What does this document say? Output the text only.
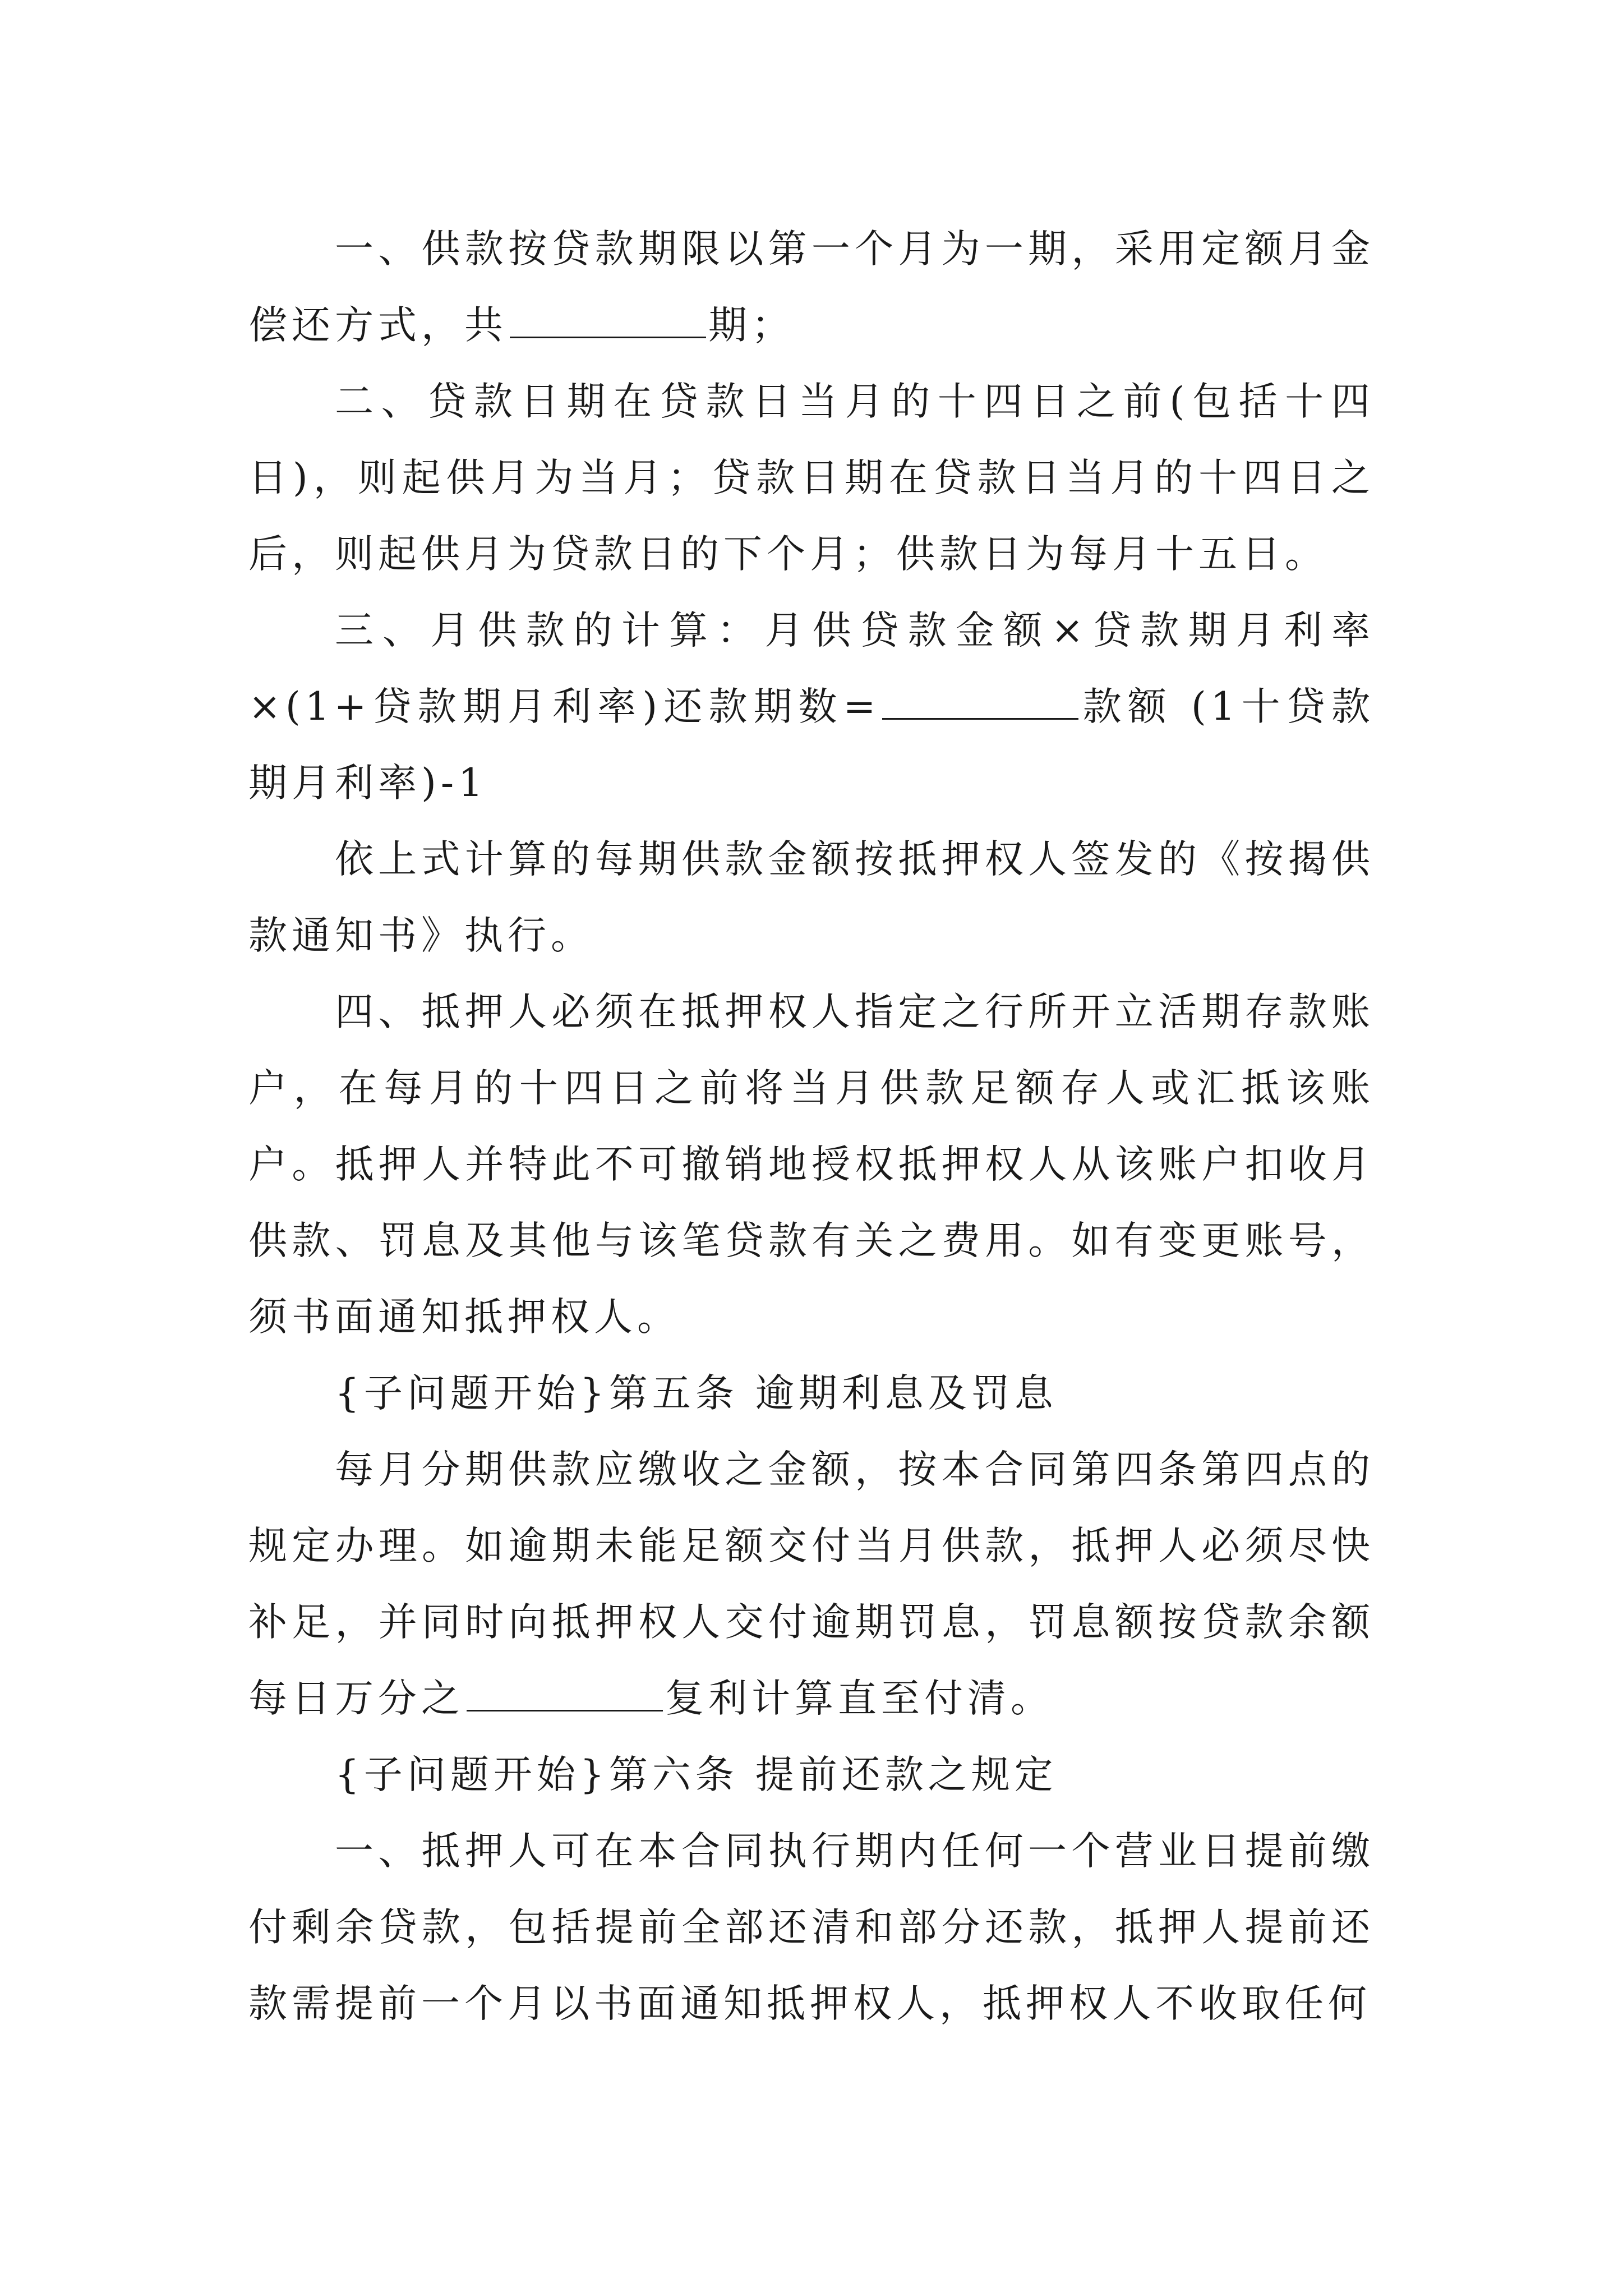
一、供款按贷款期限以第一个月为一期，采用定额月金偿还方式，共	期；

二、贷款日期在贷款日当月的十四日之前(包括十四日)，则起供月为当月；贷款日期在贷款日当月的十四日之后，则起供月为贷款日的下个月；供款日为每月十五日。

三、月供款的计算：月供贷款金额×贷款期月利率×(1+贷款期月利率)还款期数=	款额 (1十贷款期月利率)-1

依上式计算的每期供款金额按抵押权人签发的《按揭供款通知书》执行。

四、抵押人必须在抵押权人指定之行所开立活期存款账户，在每月的十四日之前将当月供款足额存人或汇抵该账户。抵押人并特此不可撤销地授权抵押权人从该账户扣收月供款、罚息及其他与该笔贷款有关之费用。如有变更账号，须书面通知抵押权人。

{子问题开始}第五条 逾期利息及罚息

每月分期供款应缴收之金额，按本合同第四条第四点的规定办理。如逾期未能足额交付当月供款，抵押人必须尽快补足，并同时向抵押权人交付逾期罚息，罚息额按贷款余额每日万分之	复利计算直至付清。

{子问题开始}第六条 提前还款之规定

一、抵押人可在本合同执行期内任何一个营业日提前缴付剩余贷款，包括提前全部还清和部分还款，抵押人提前还款需提前一个月以书面通知抵押权人，抵押权人不收取任何
